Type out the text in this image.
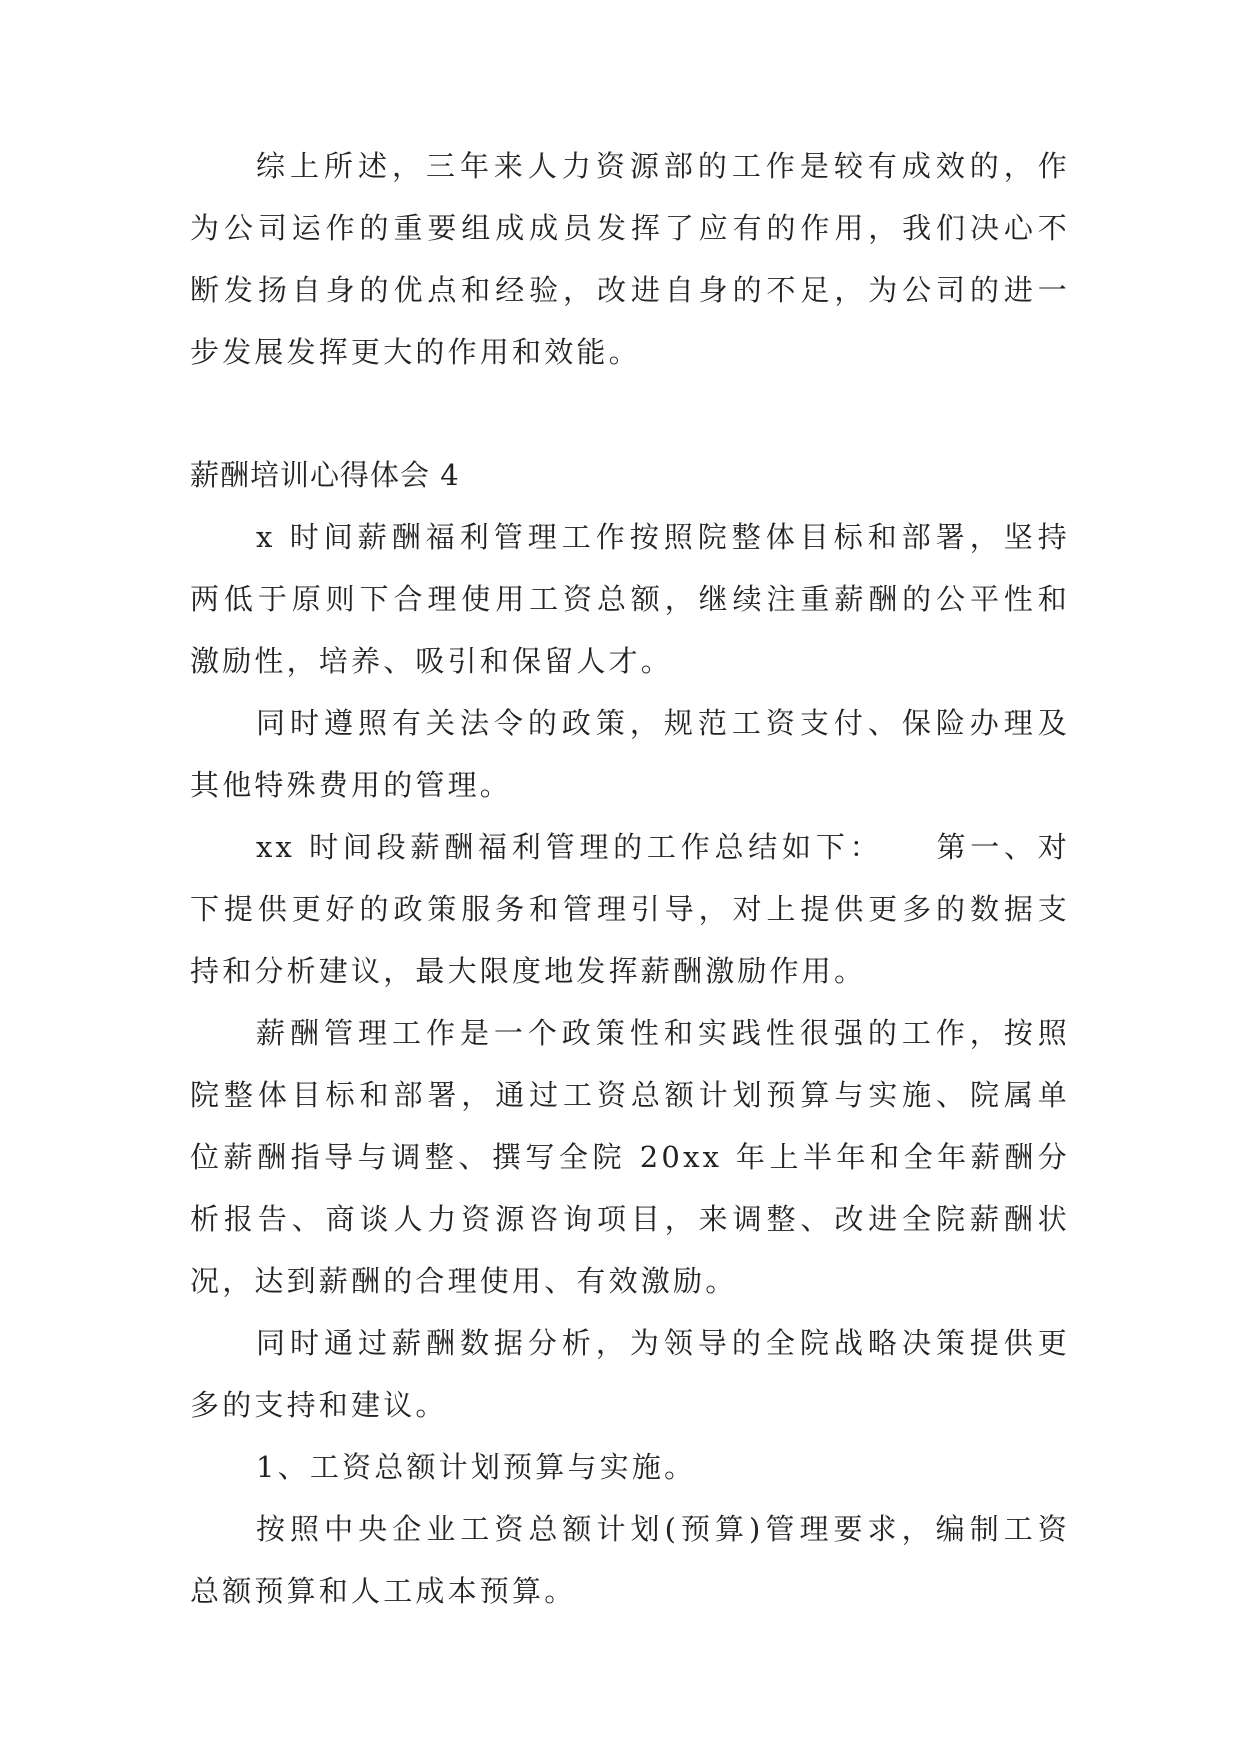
综上所述，三年来人力资源部的工作是较有成效的，作
为公司运作的重要组成成员发挥了应有的作用，我们决心不
断发扬自身的优点和经验，改进自身的不足，为公司的进一
步发展发挥更大的作用和效能。
薪酬培训心得体会 4
x 时间薪酬福利管理工作按照院整体目标和部署，坚持
两低于原则下合理使用工资总额，继续注重薪酬的公平性和
激励性，培养、吸引和保留人才。
同时遵照有关法令的政策，规范工资支付、保险办理及
其他特殊费用的管理。
xx 时间段薪酬福利管理的工作总结如下：　　第一、对
下提供更好的政策服务和管理引导，对上提供更多的数据支
持和分析建议，最大限度地发挥薪酬激励作用。
薪酬管理工作是一个政策性和实践性很强的工作，按照
院整体目标和部署，通过工资总额计划预算与实施、院属单
位薪酬指导与调整、撰写全院 20xx 年上半年和全年薪酬分
析报告、商谈人力资源咨询项目，来调整、改进全院薪酬状
况，达到薪酬的合理使用、有效激励。
同时通过薪酬数据分析，为领导的全院战略决策提供更
多的支持和建议。
1、工资总额计划预算与实施。
按照中央企业工资总额计划(预算)管理要求，编制工资
总额预算和人工成本预算。
